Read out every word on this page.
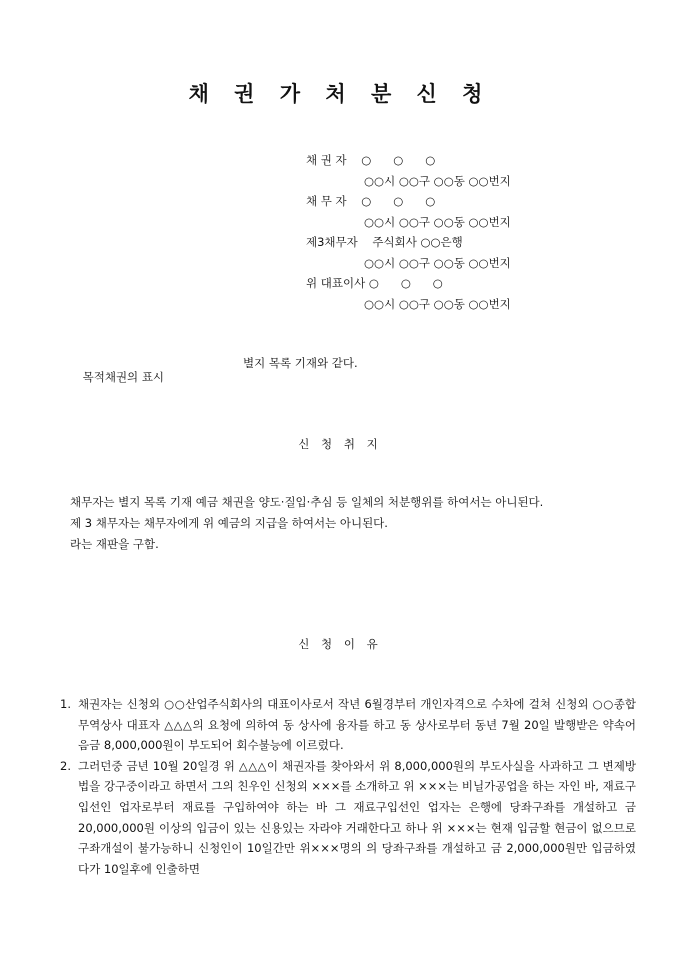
채 권 가 처 분 신 청
채 권 자    ○      ○      ○
○○시 ○○구 ○○동 ○○번지
채 무 자    ○      ○      ○
○○시 ○○구 ○○동 ○○번지
제3채무자    주식회사 ○○은행
○○시 ○○구 ○○동 ○○번지
위 대표이사 ○      ○      ○
○○시 ○○구 ○○동 ○○번지

목적채권의 표시

별지 목록 기재와 같다.

신 청 취 지

채무자는 별지 목록 기재 예금 채권을 양도·질입·추심 등 일체의 처분행위를 하여서는 아니된다.

제 3 채무자는 채무자에게 위 예금의 지급을 하여서는 아니된다.

라는 재판을 구함.

신 청 이 유
1. 채권자는 신청외 ○○산업주식회사의 대표이사로서 작년 6월경부터 개인자격으로 수차에 걸쳐 신청외 ○○종합무역상사 대표자 △△△의 요청에 의하여 동 상사에 융자를 하고 동 상사로부터 동년 7월 20일 발행받은 약속어음금 8,000,000원이 부도되어 회수불능에 이르렀다.
2. 그러던중 금년 10월 20일경 위 △△△이 채권자를 찾아와서 위 8,000,000원의 부도사실을 사과하고 그 변제방법을 강구중이라고 하면서 그의 친우인 신청외 ×××를 소개하고 위 ×××는 비닐가공업을 하는 자인 바, 재료구입선인 업자로부터 재료를 구입하여야 하는 바 그 재료구입선인 업자는 은행에 당좌구좌를 개설하고 금20,000,000원 이상의 입금이 있는 신용있는 자라야 거래한다고 하나 위 ×××는 현재 입금할 현금이 없으므로 구좌개설이 불가능하니 신청인이 10일간만 위×××명의 의 당좌구좌를 개설하고 금 2,000,000원만 입금하였다가 10일후에 인출하면
